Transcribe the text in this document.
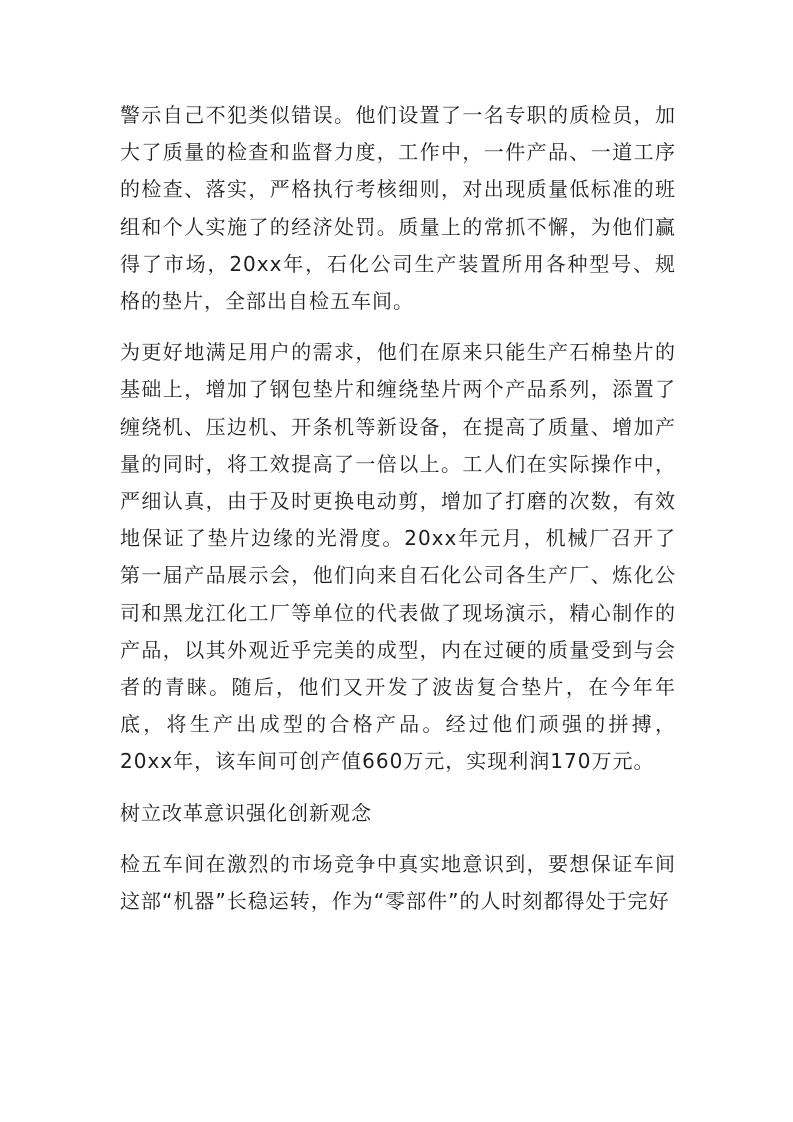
警示自己不犯类似错误。他们设置了一名专职的质检员，加大了质量的检查和监督力度，工作中，一件产品、一道工序的检查、落实，严格执行考核细则，对出现质量低标准的班组和个人实施了的经济处罚。质量上的常抓不懈，为他们赢得了市场，20xx年，石化公司生产装置所用各种型号、规格的垫片，全部出自检五车间。

为更好地满足用户的需求，他们在原来只能生产石棉垫片的基础上，增加了钢包垫片和缠绕垫片两个产品系列，添置了缠绕机、压边机、开条机等新设备，在提高了质量、增加产量的同时，将工效提高了一倍以上。工人们在实际操作中，严细认真，由于及时更换电动剪，增加了打磨的次数，有效地保证了垫片边缘的光滑度。20xx年元月，机械厂召开了第一届产品展示会，他们向来自石化公司各生产厂、炼化公司和黑龙江化工厂等单位的代表做了现场演示，精心制作的产品，以其外观近乎完美的成型，内在过硬的质量受到与会者的青睐。随后，他们又开发了波齿复合垫片，在今年年底，将生产出成型的合格产品。经过他们顽强的拼搏，20xx年，该车间可创产值660万元，实现利润170万元。

树立改革意识强化创新观念

检五车间在激烈的市场竞争中真实地意识到，要想保证车间这部“机器”长稳运转，作为“零部件”的人时刻都得处于完好
